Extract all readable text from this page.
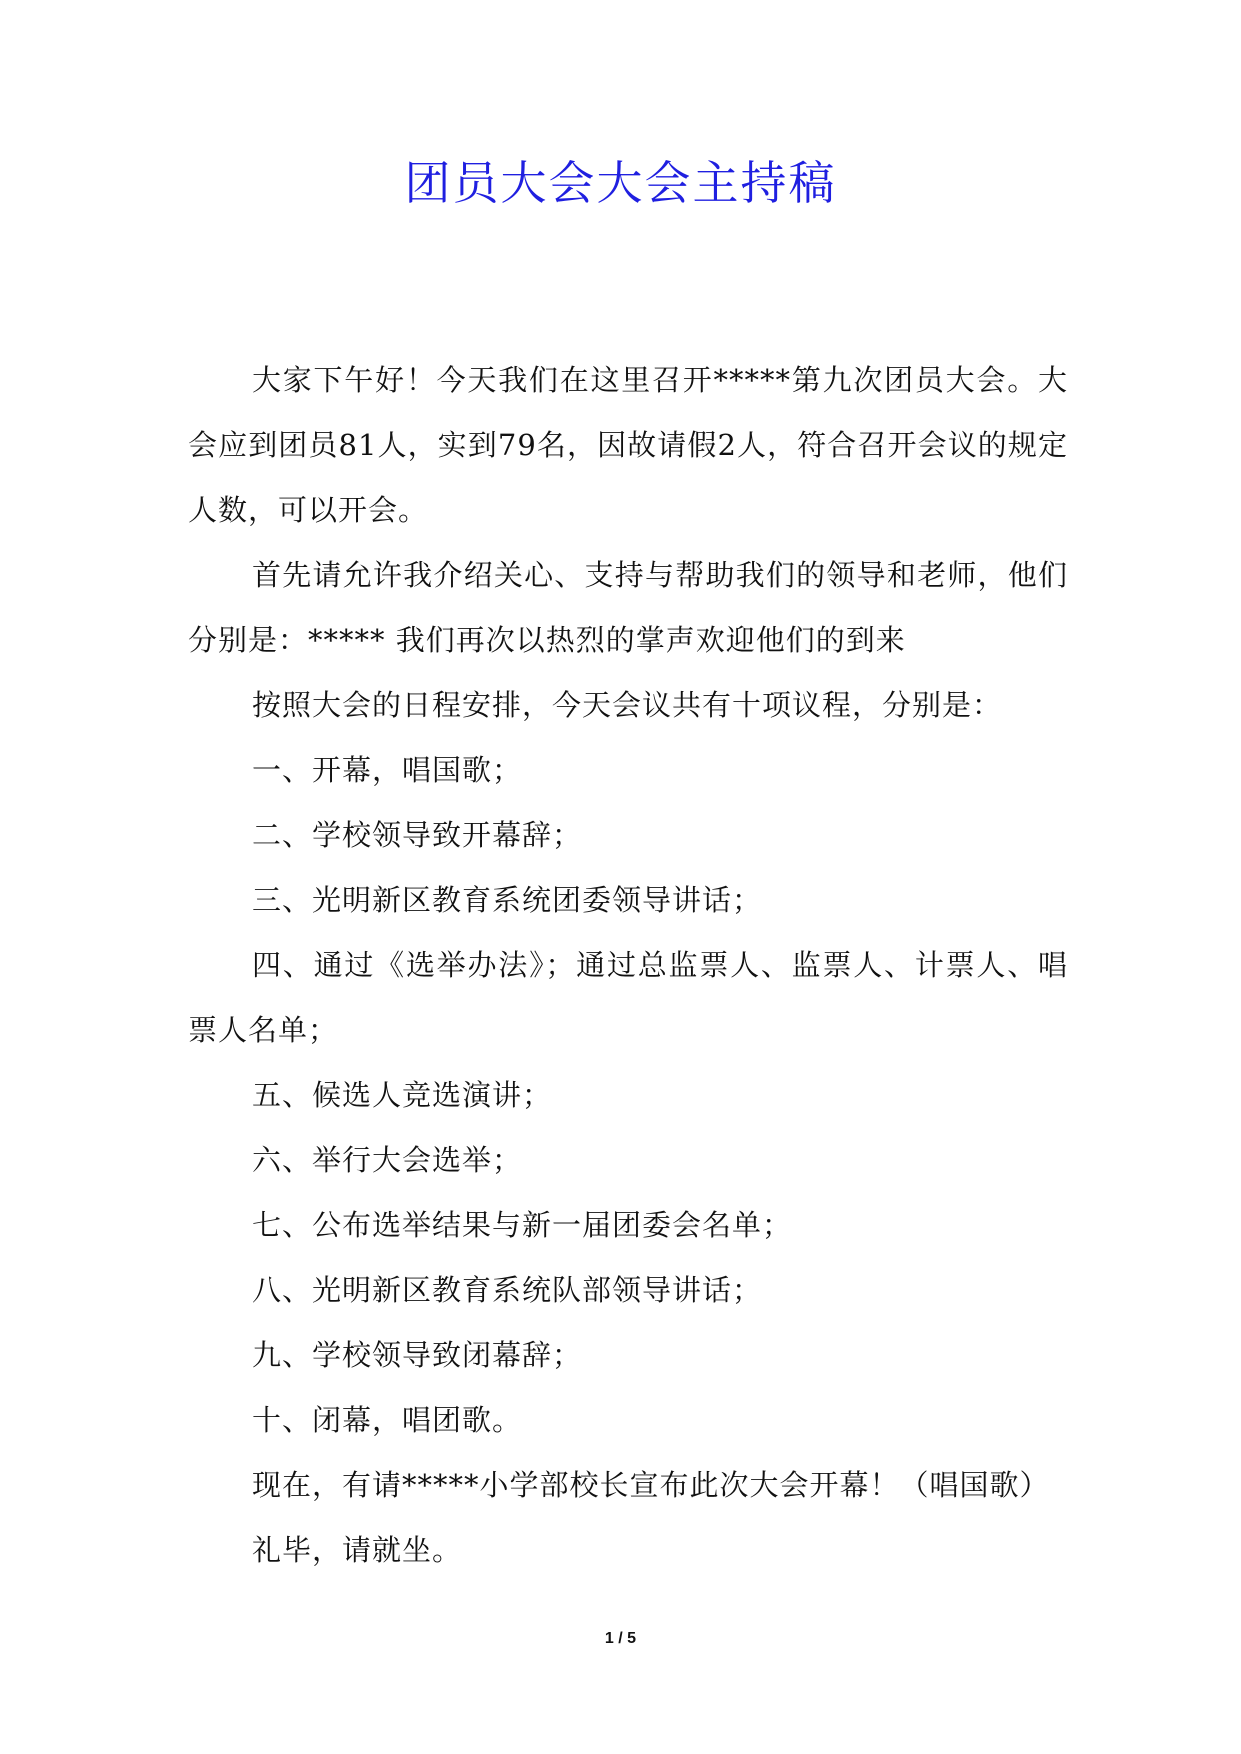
团员大会大会主持稿

大家下午好！今天我们在这里召开*****第九次团员大会。大会应到团员81人，实到79名，因故请假2人，符合召开会议的规定人数，可以开会。

首先请允许我介绍关心、支持与帮助我们的领导和老师，他们分别是：***** 我们再次以热烈的掌声欢迎他们的到来

按照大会的日程安排，今天会议共有十项议程，分别是：

一、开幕，唱国歌；

二、学校领导致开幕辞；

三、光明新区教育系统团委领导讲话；

四、通过《选举办法》；通过总监票人、监票人、计票人、唱票人名单；

五、候选人竞选演讲；

六、举行大会选举；

七、公布选举结果与新一届团委会名单；

八、光明新区教育系统队部领导讲话；

九、学校领导致闭幕辞；

十、闭幕，唱团歌。

现在，有请*****小学部校长宣布此次大会开幕！（唱国歌）

礼毕，请就坐。

1 / 5
